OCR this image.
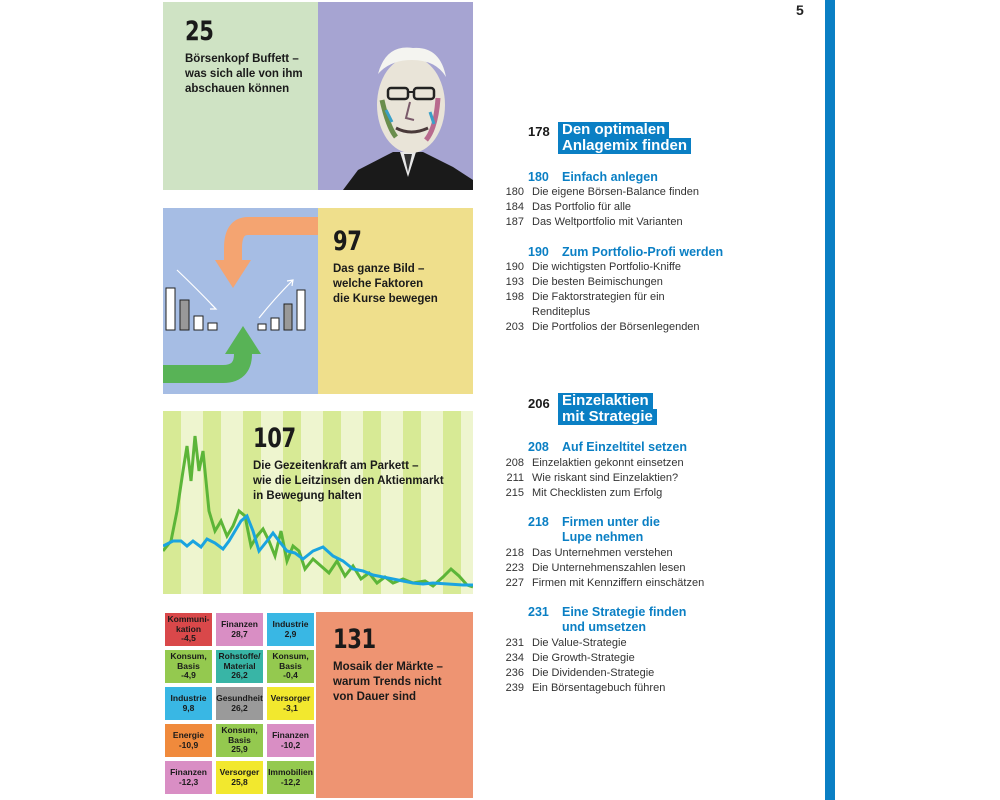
5
25
Börsenkopf Buffett –
was sich alle von ihm
abschauen können
97
Das ganze Bild –
welche Faktoren
die Kurse bewegen
107
Die Gezeitenkraft am Parkett –
wie die Leitzinsen den Aktienmarkt
in Bewegung halten
Kommuni-
kation
-4,5
Finanzen
28,7
Industrie
2,9
Konsum,
Basis
-4,9
Rohstoffe/
Material
26,2
Konsum,
Basis
-0,4
Industrie
9,8
Gesundheit
26,2
Versorger
-3,1
Energie
-10,9
Konsum,
Basis
25,9
Finanzen
-10,2
Finanzen
-12,3
Versorger
25,8
Immobilien
-12,2
131
Mosaik der Märkte –
warum Trends nicht
von Dauer sind
178 Den optimalen
Anlagemix finden
180 Einfach anlegen
180 Die eigene Börsen-Balance finden
184 Das Portfolio für alle
187 Das Weltportfolio mit Varianten
190 Zum Portfolio-Profi werden
190 Die wichtigsten Portfolio-Kniffe
193 Die besten Beimischungen
198 Die Faktorstrategien für ein
Renditeplus
203 Die Portfolios der Börsenlegenden
206 Einzelaktien
mit Strategie
208 Auf Einzeltitel setzen
208 Einzelaktien gekonnt einsetzen
211 Wie riskant sind Einzelaktien?
215 Mit Checklisten zum Erfolg
218 Firmen unter die
Lupe nehmen
218 Das Unternehmen verstehen
223 Die Unternehmenszahlen lesen
227 Firmen mit Kennziffern einschätzen
231 Eine Strategie finden
und umsetzen
231 Die Value-Strategie
234 Die Growth-Strategie
236 Die Dividenden-Strategie
239 Ein Börsentagebuch führen
